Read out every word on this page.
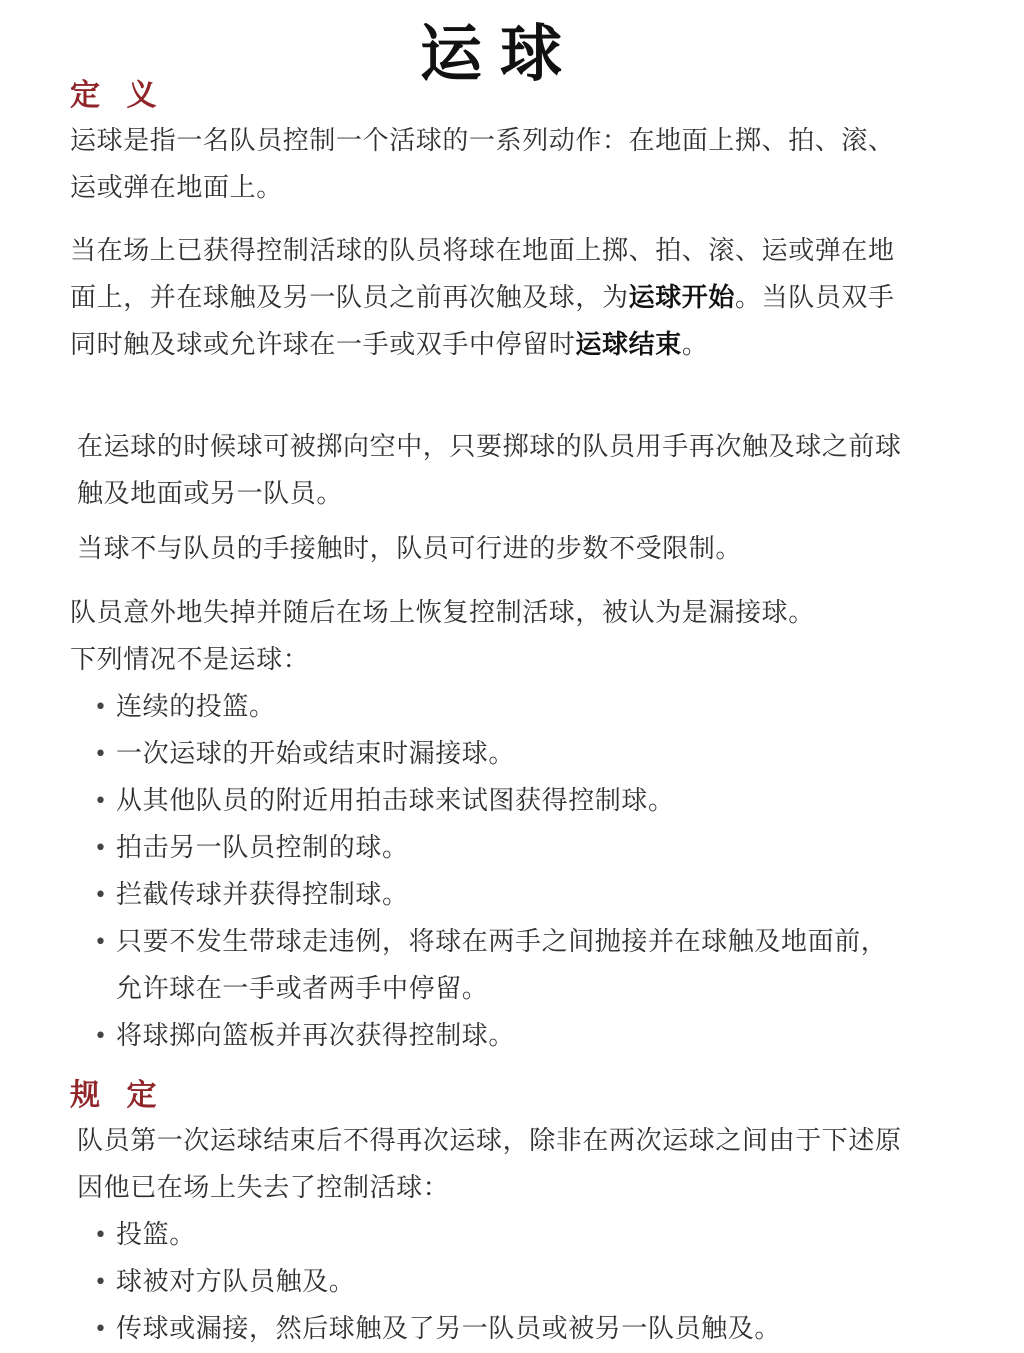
运球
定 义
运球是指一名队员控制一个活球的一系列动作：在地面上掷、拍、滚、运或弹在地面上。
当在场上已获得控制活球的队员将球在地面上掷、拍、滚、运或弹在地面上，并在球触及另一队员之前再次触及球，为运球开始。当队员双手同时触及球或允许球在一手或双手中停留时运球结束。
在运球的时候球可被掷向空中，只要掷球的队员用手再次触及球之前球触及地面或另一队员。
当球不与队员的手接触时，队员可行进的步数不受限制。
队员意外地失掉并随后在场上恢复控制活球，被认为是漏接球。
下列情况不是运球：
• 连续的投篮。
• 一次运球的开始或结束时漏接球。
• 从其他队员的附近用拍击球来试图获得控制球。
• 拍击另一队员控制的球。
• 拦截传球并获得控制球。
• 只要不发生带球走违例，将球在两手之间抛接并在球触及地面前，允许球在一手或者两手中停留。
• 将球掷向篮板并再次获得控制球。
规 定
队员第一次运球结束后不得再次运球，除非在两次运球之间由于下述原因他已在场上失去了控制活球：
• 投篮。
• 球被对方队员触及。
• 传球或漏接，然后球触及了另一队员或被另一队员触及。
